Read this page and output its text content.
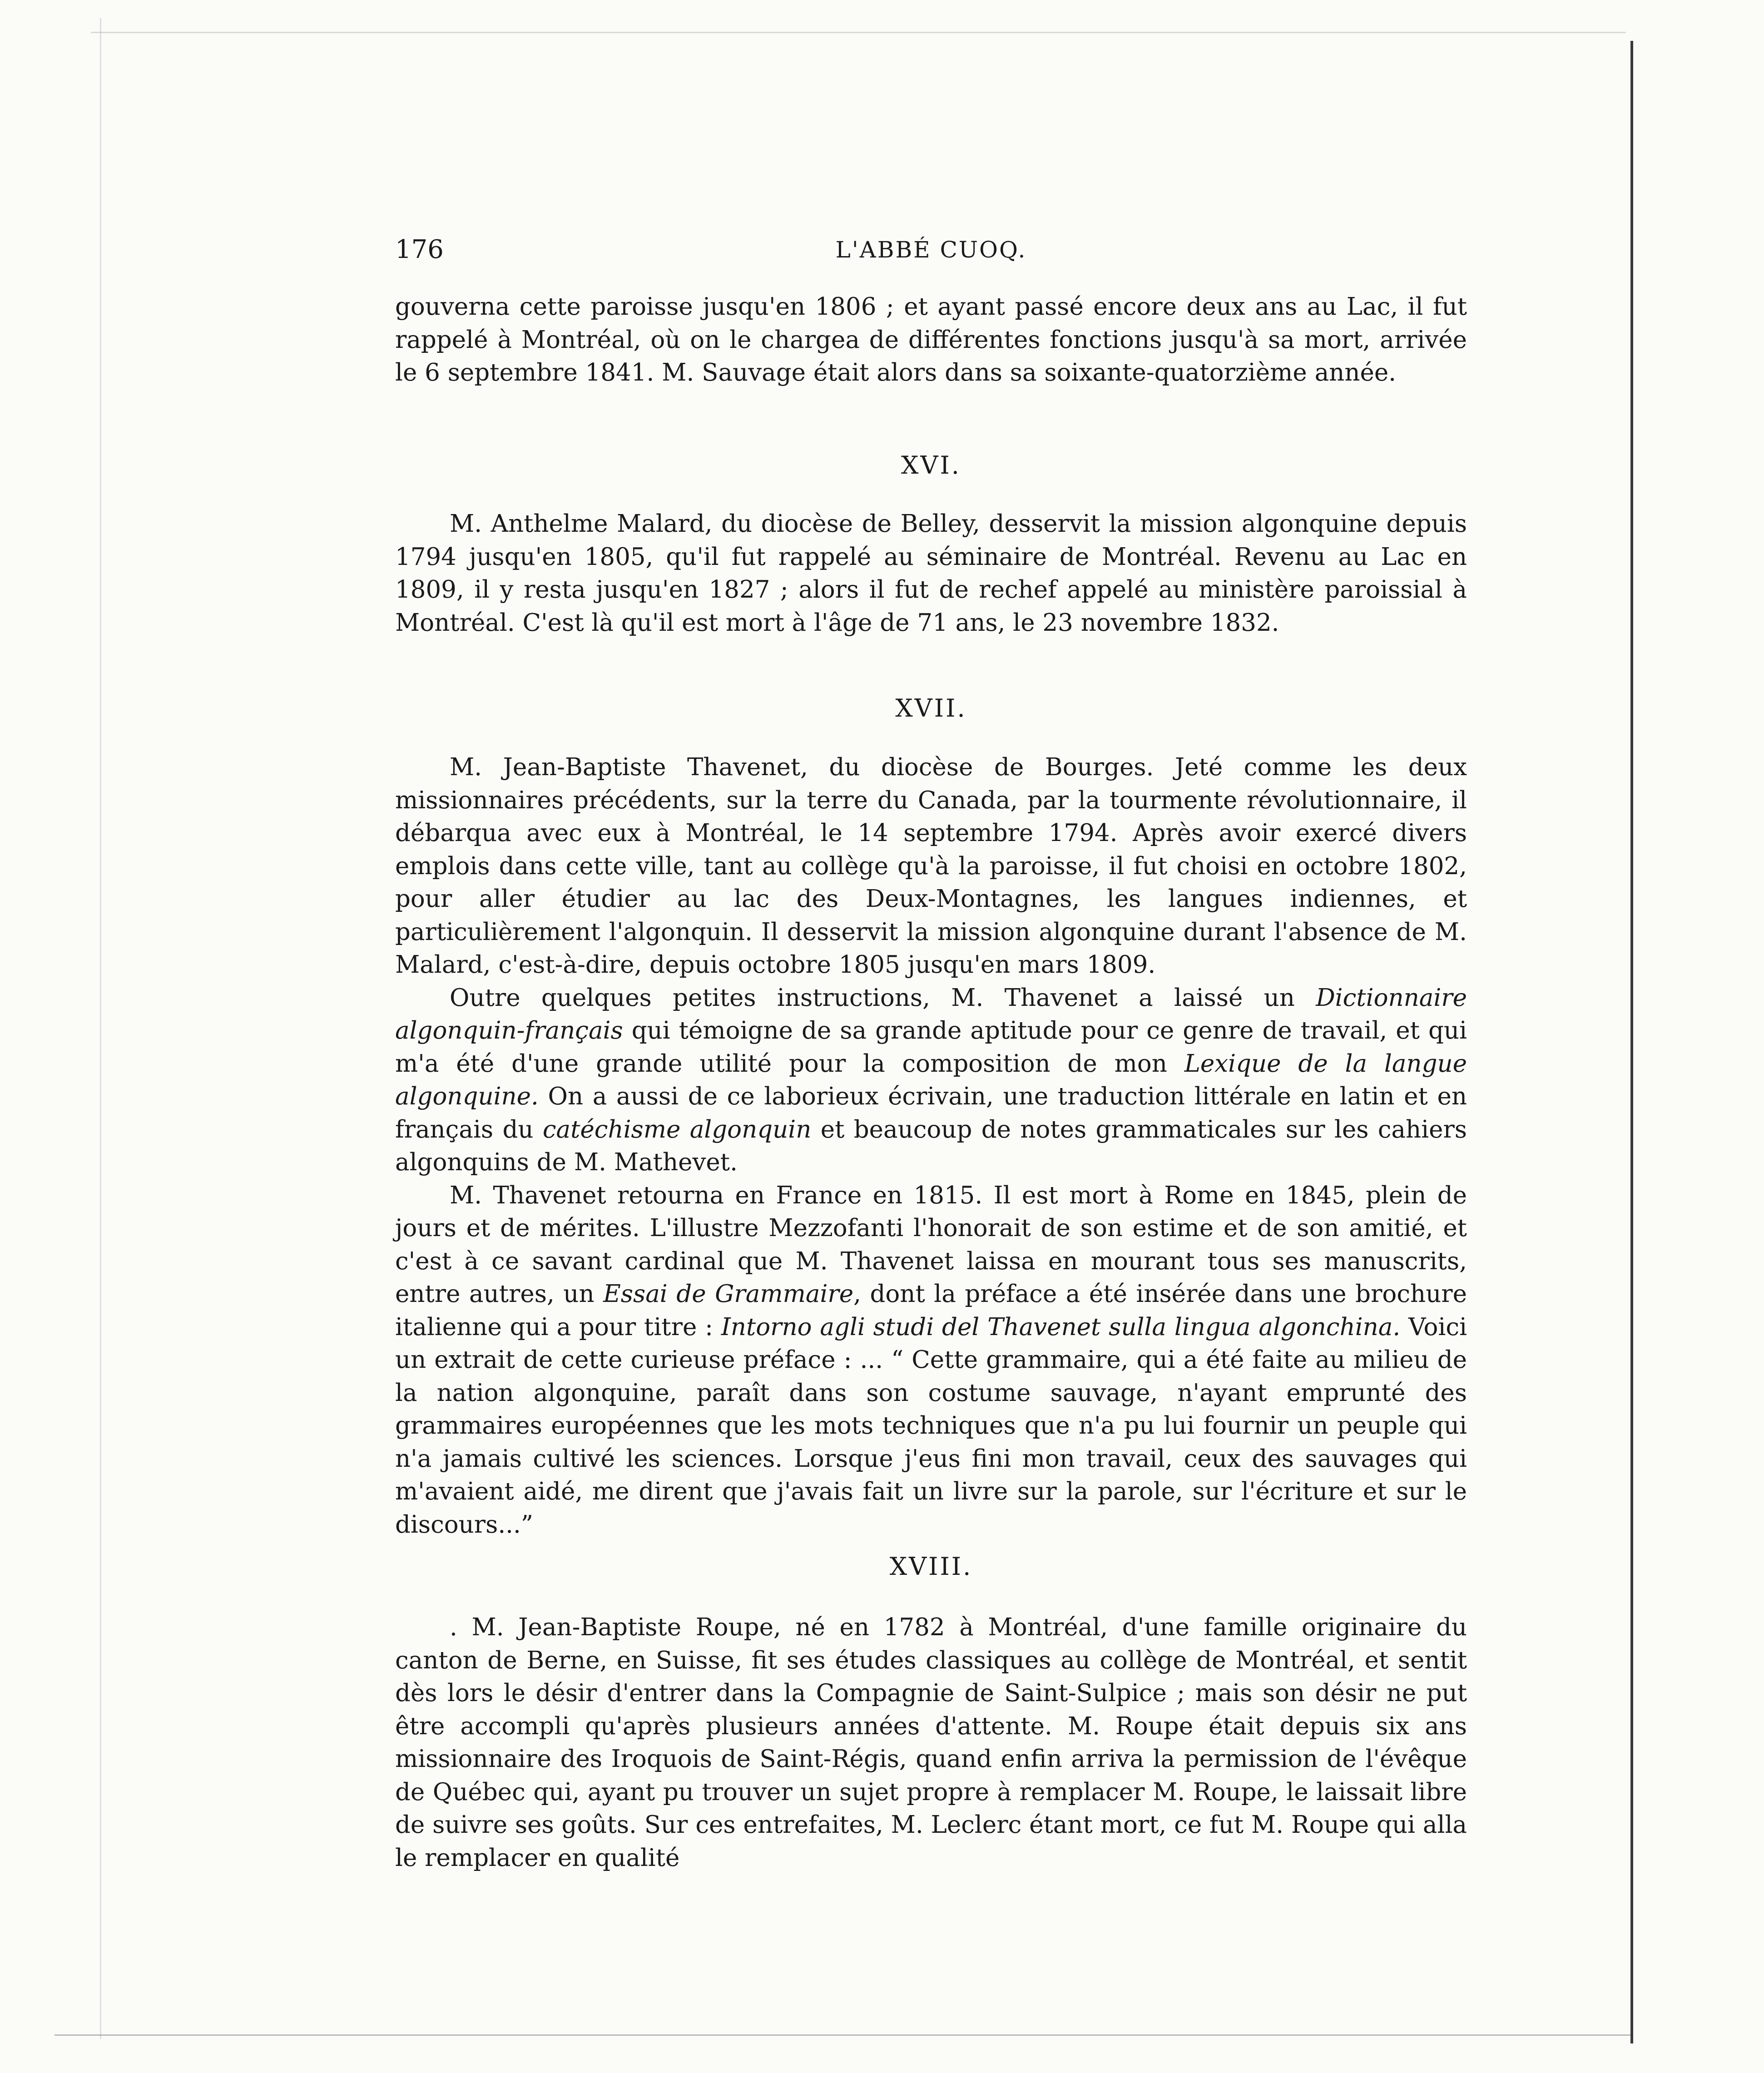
L'ABBÉ CUOQ.
176

gouverna cette paroisse jusqu'en 1806 ; et ayant passé encore deux ans au Lac, il fut rappelé à Montréal, où on le chargea de différentes fonctions jusqu'à sa mort, arrivée le 6 septembre 1841. M. Sauvage était alors dans sa soixante-quatorzième année.

XVI.

M. Anthelme Malard, du diocèse de Belley, desservit la mission algonquine depuis 1794 jusqu'en 1805, qu'il fut rappelé au séminaire de Montréal. Revenu au Lac en 1809, il y resta jusqu'en 1827 ; alors il fut de rechef appelé au ministère paroissial à Montréal. C'est là qu'il est mort à l'âge de 71 ans, le 23 novembre 1832.

XVII.

M. Jean-Baptiste Thavenet, du diocèse de Bourges. Jeté comme les deux missionnaires précédents, sur la terre du Canada, par la tourmente révolutionnaire, il débarqua avec eux à Montréal, le 14 septembre 1794. Après avoir exercé divers emplois dans cette ville, tant au collège qu'à la paroisse, il fut choisi en octobre 1802, pour aller étudier au lac des Deux-Montagnes, les langues indiennes, et particulièrement l'algonquin. Il desservit la mission algonquine durant l'absence de M. Malard, c'est-à-dire, depuis octobre 1805 jusqu'en mars 1809.

Outre quelques petites instructions, M. Thavenet a laissé un Dictionnaire algonquin-français qui témoigne de sa grande aptitude pour ce genre de travail, et qui m'a été d'une grande utilité pour la composition de mon Lexique de la langue algonquine. On a aussi de ce laborieux écrivain, une traduction littérale en latin et en français du catéchisme algonquin et beaucoup de notes grammaticales sur les cahiers algonquins de M. Mathevet.

M. Thavenet retourna en France en 1815. Il est mort à Rome en 1845, plein de jours et de mérites. L'illustre Mezzofanti l'honorait de son estime et de son amitié, et c'est à ce savant cardinal que M. Thavenet laissa en mourant tous ses manuscrits, entre autres, un Essai de Grammaire, dont la préface a été insérée dans une brochure italienne qui a pour titre : Intorno agli studi del Thavenet sulla lingua algonchina. Voici un extrait de cette curieuse préface : ... “ Cette grammaire, qui a été faite au milieu de la nation algonquine, paraît dans son costume sauvage, n'ayant emprunté des grammaires européennes que les mots techniques que n'a pu lui fournir un peuple qui n'a jamais cultivé les sciences. Lorsque j'eus fini mon travail, ceux des sauvages qui m'avaient aidé, me dirent que j'avais fait un livre sur la parole, sur l'écriture et sur le discours...”

XVIII.

. M. Jean-Baptiste Roupe, né en 1782 à Montréal, d'une famille originaire du canton de Berne, en Suisse, fit ses études classiques au collège de Montréal, et sentit dès lors le désir d'entrer dans la Compagnie de Saint-Sulpice ; mais son désir ne put être accompli qu'après plusieurs années d'attente. M. Roupe était depuis six ans missionnaire des Iroquois de Saint-Régis, quand enfin arriva la permission de l'évêque de Québec qui, ayant pu trouver un sujet propre à remplacer M. Roupe, le laissait libre de suivre ses goûts. Sur ces entrefaites, M. Leclerc étant mort, ce fut M. Roupe qui alla le remplacer en qualité
